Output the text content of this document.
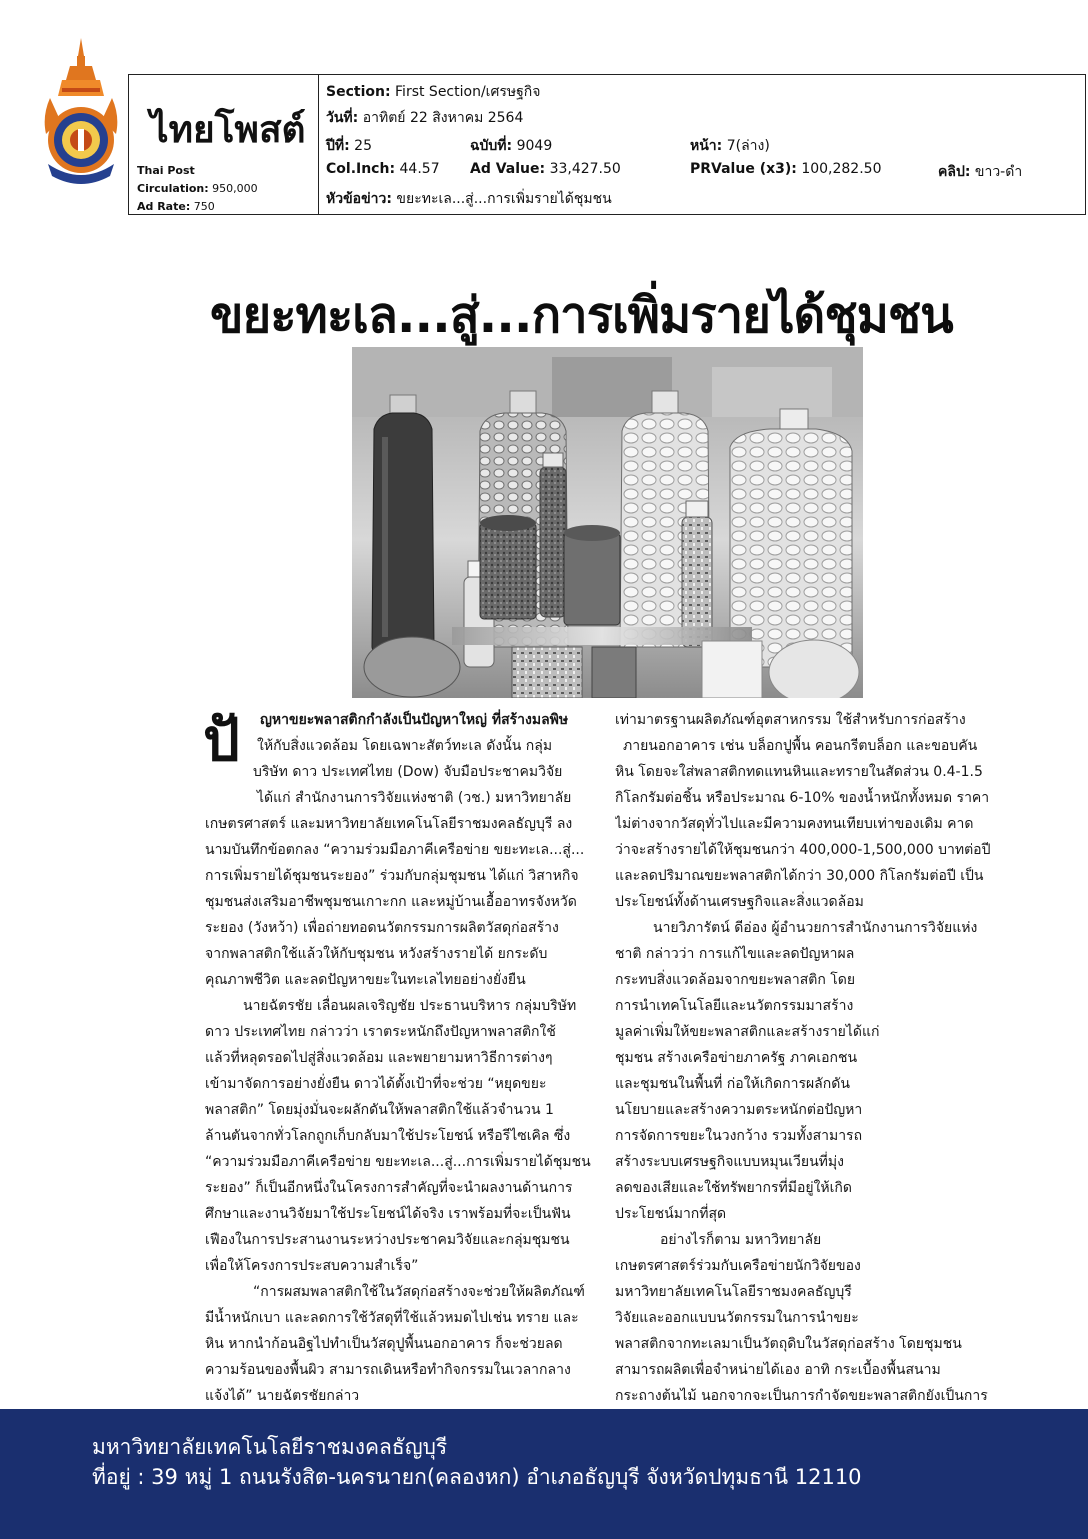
ไทยโพสต์
Thai Post
Circulation: 950,000
Ad Rate: 750
Section: First Section/เศรษฐกิจ
วันที่: อาทิตย์ 22 สิงหาคม 2564
ปีที่: 25	ฉบับที่: 9049	หน้า: 7(ล่าง)
Col.Inch: 44.57 Ad Value: 33,427.50	PRValue (x3): 100,282.50	คลิป: ขาว-ดำ
หัวข้อข่าว: ขยะทะเล...สู่...การเพิ่มรายได้ชุมชน
ขยะทะเล...สู่...การเพิ่มรายได้ชุมชน
ปั	ญหาขยะพลาสติกกำลังเป็นปัญหาใหญ่ ที่สร้างมลพิษ
ให้กับสิ่งแวดล้อม โดยเฉพาะสัตว์ทะเล ดังนั้น กลุ่ม
บริษัท ดาว ประเทศไทย (Dow) จับมือประชาคมวิจัย
ได้แก่ สำนักงานการวิจัยแห่งชาติ (วช.) มหาวิทยาลัย
เกษตรศาสตร์ และมหาวิทยาลัยเทคโนโลยีราชมงคลธัญบุรี ลง
นามบันทึกข้อตกลง “ความร่วมมือภาคีเครือข่าย ขยะทะเล...สู่...
การเพิ่มรายได้ชุมชนระยอง” ร่วมกับกลุ่มชุมชน ได้แก่ วิสาหกิจ
ชุมชนส่งเสริมอาชีพชุมชนเกาะกก และหมู่บ้านเอื้ออาทรจังหวัด
ระยอง (วังหว้า) เพื่อถ่ายทอดนวัตกรรมการผลิตวัสดุก่อสร้าง
จากพลาสติกใช้แล้วให้กับชุมชน หวังสร้างรายได้ ยกระดับ
คุณภาพชีวิต และลดปัญหาขยะในทะเลไทยอย่างยั่งยืน
นายฉัตรชัย เลื่อนผลเจริญชัย ประธานบริหาร กลุ่มบริษัท
ดาว ประเทศไทย กล่าวว่า เราตระหนักถึงปัญหาพลาสติกใช้
แล้วที่หลุดรอดไปสู่สิ่งแวดล้อม และพยายามหาวิธีการต่างๆ
เข้ามาจัดการอย่างยั่งยืน ดาวได้ตั้งเป้าที่จะช่วย “หยุดขยะ
พลาสติก” โดยมุ่งมั่นจะผลักดันให้พลาสติกใช้แล้วจำนวน 1
ล้านตันจากทั่วโลกถูกเก็บกลับมาใช้ประโยชน์ หรือรีไซเคิล ซึ่ง
“ความร่วมมือภาคีเครือข่าย ขยะทะเล...สู่...การเพิ่มรายได้ชุมชน
ระยอง” ก็เป็นอีกหนึ่งในโครงการสำคัญที่จะนำผลงานด้านการ
ศึกษาและงานวิจัยมาใช้ประโยชน์ได้จริง เราพร้อมที่จะเป็นฟัน
เฟืองในการประสานงานระหว่างประชาคมวิจัยและกลุ่มชุมชน
เพื่อให้โครงการประสบความสำเร็จ”
“การผสมพลาสติกใช้ในวัสดุก่อสร้างจะช่วยให้ผลิตภัณฑ์
มีน้ำหนักเบา และลดการใช้วัสดุที่ใช้แล้วหมดไปเช่น ทราย และ
หิน หากนำก้อนอิฐไปทำเป็นวัสดุปูพื้นนอกอาคาร ก็จะช่วยลด
ความร้อนของพื้นผิว สามารถเดินหรือทำกิจกรรมในเวลากลาง
แจ้งได้” นายฉัตรชัยกล่าว
เท่ามาตรฐานผลิตภัณฑ์อุตสาหกรรม ใช้สำหรับการก่อสร้าง
ภายนอกอาคาร เช่น บล็อกปูพื้น คอนกรีตบล็อก และขอบคัน
หิน โดยจะใส่พลาสติกทดแทนหินและทรายในสัดส่วน 0.4-1.5
กิโลกรัมต่อชิ้น หรือประมาณ 6-10% ของน้ำหนักทั้งหมด ราคา
ไม่ต่างจากวัสดุทั่วไปและมีความคงทนเทียบเท่าของเดิม คาด
ว่าจะสร้างรายได้ให้ชุมชนกว่า 400,000-1,500,000 บาทต่อปี
และลดปริมาณขยะพลาสติกได้กว่า 30,000 กิโลกรัมต่อปี เป็น
ประโยชน์ทั้งด้านเศรษฐกิจและสิ่งแวดล้อม
นายวิภารัตน์ ดีอ่อง ผู้อำนวยการสำนักงานการวิจัยแห่ง
ชาติ กล่าวว่า การแก้ไขและลดปัญหาผล
กระทบสิ่งแวดล้อมจากขยะพลาสติก โดย
การนำเทคโนโลยีและนวัตกรรมมาสร้าง
มูลค่าเพิ่มให้ขยะพลาสติกและสร้างรายได้แก่
ชุมชน สร้างเครือข่ายภาครัฐ ภาคเอกชน
และชุมชนในพื้นที่ ก่อให้เกิดการผลักดัน
นโยบายและสร้างความตระหนักต่อปัญหา
การจัดการขยะในวงกว้าง รวมทั้งสามารถ
สร้างระบบเศรษฐกิจแบบหมุนเวียนที่มุ่ง
ลดของเสียและใช้ทรัพยากรที่มีอยู่ให้เกิด
ประโยชน์มากที่สุด
อย่างไรก็ตาม มหาวิทยาลัย
เกษตรศาสตร์ร่วมกับเครือข่ายนักวิจัยของ
มหาวิทยาลัยเทคโนโลยีราชมงคลธัญบุรี
วิจัยและออกแบบนวัตกรรมในการนำขยะ
พลาสติกจากทะเลมาเป็นวัตถุดิบในวัสดุก่อสร้าง โดยชุมชน
สามารถผลิตเพื่อจำหน่ายได้เอง อาทิ กระเบื้องพื้นสนาม
กระถางต้นไม้ นอกจากจะเป็นการกำจัดขยะพลาสติกยังเป็นการ
มหาวิทยาลัยเทคโนโลยีราชมงคลธัญบุรี
ที่อยู่ : 39 หมู่ 1 ถนนรังสิต-นครนายก(คลองหก) อำเภอธัญบุรี จังหวัดปทุมธานี 12110
